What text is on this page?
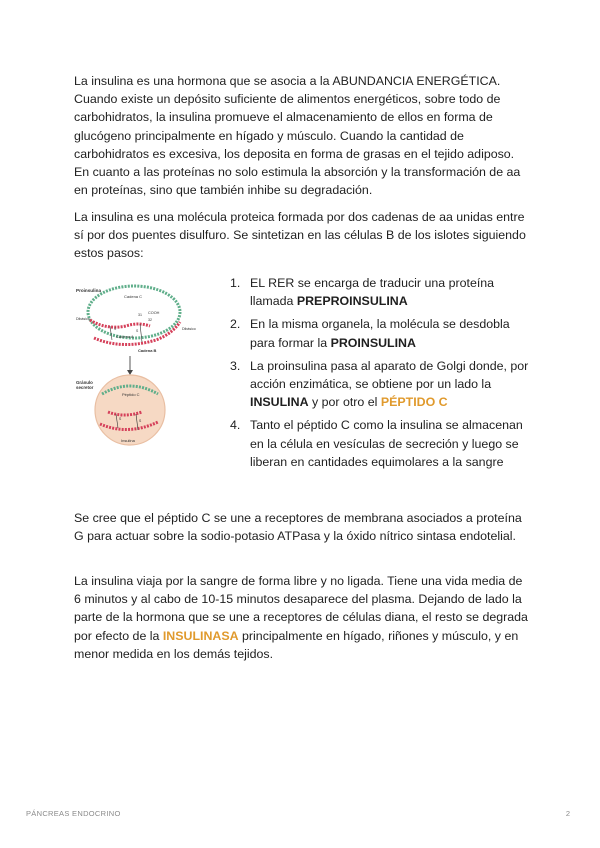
La insulina es una hormona que se asocia a la ABUNDANCIA ENERGÉTICA. Cuando existe un depósito suficiente de alimentos energéticos, sobre todo de carbohidratos, la insulina promueve el almacenamiento de ellos en forma de glucógeno principalmente en hígado y músculo. Cuando la cantidad de carbohidratos es excesiva, los deposita en forma de grasas en el tejido adiposo. En cuanto a las proteínas no solo estimula la absorción y la transformación de aa en proteínas, sino que también inhibe su degradación.

La insulina es una molécula proteica formada por dos cadenas de aa unidas entre sí por dos puentes disulfuro. Se sintetizan en las células B de los islotes siguiendo estos pasos:

Proinsulina
Cadena C
COOH
31
32
Dibásico
Dibásico
Cadena A
Cadena B
S	S
Gránulo
secretor
Péptido C
Insulina
S	S
1. EL RER se encarga de traducir una proteína llamada PREPROINSULINA
2. En la misma organela, la molécula se desdobla para formar la PROINSULINA
3. La proinsulina pasa al aparato de Golgi donde, por acción enzimática, se obtiene por un lado la INSULINA y por otro el PÉPTIDO C
4. Tanto el péptido C como la insulina se almacenan en la célula en vesículas de secreción y luego se liberan en cantidades equimolares a la sangre

Se cree que el péptido C se une a receptores de membrana asociados a proteína G para actuar sobre la sodio-potasio ATPasa y la óxido nítrico sintasa endotelial.

La insulina viaja por la sangre de forma libre y no ligada. Tiene una vida media de 6 minutos y al cabo de 10-15 minutos desaparece del plasma. Dejando de lado la parte de la hormona que se une a receptores de células diana, el resto se degrada por efecto de la INSULINASA principalmente en hígado, riñones y músculo, y en menor medida en los demás tejidos.

PÁNCREAS ENDOCRINO	2
